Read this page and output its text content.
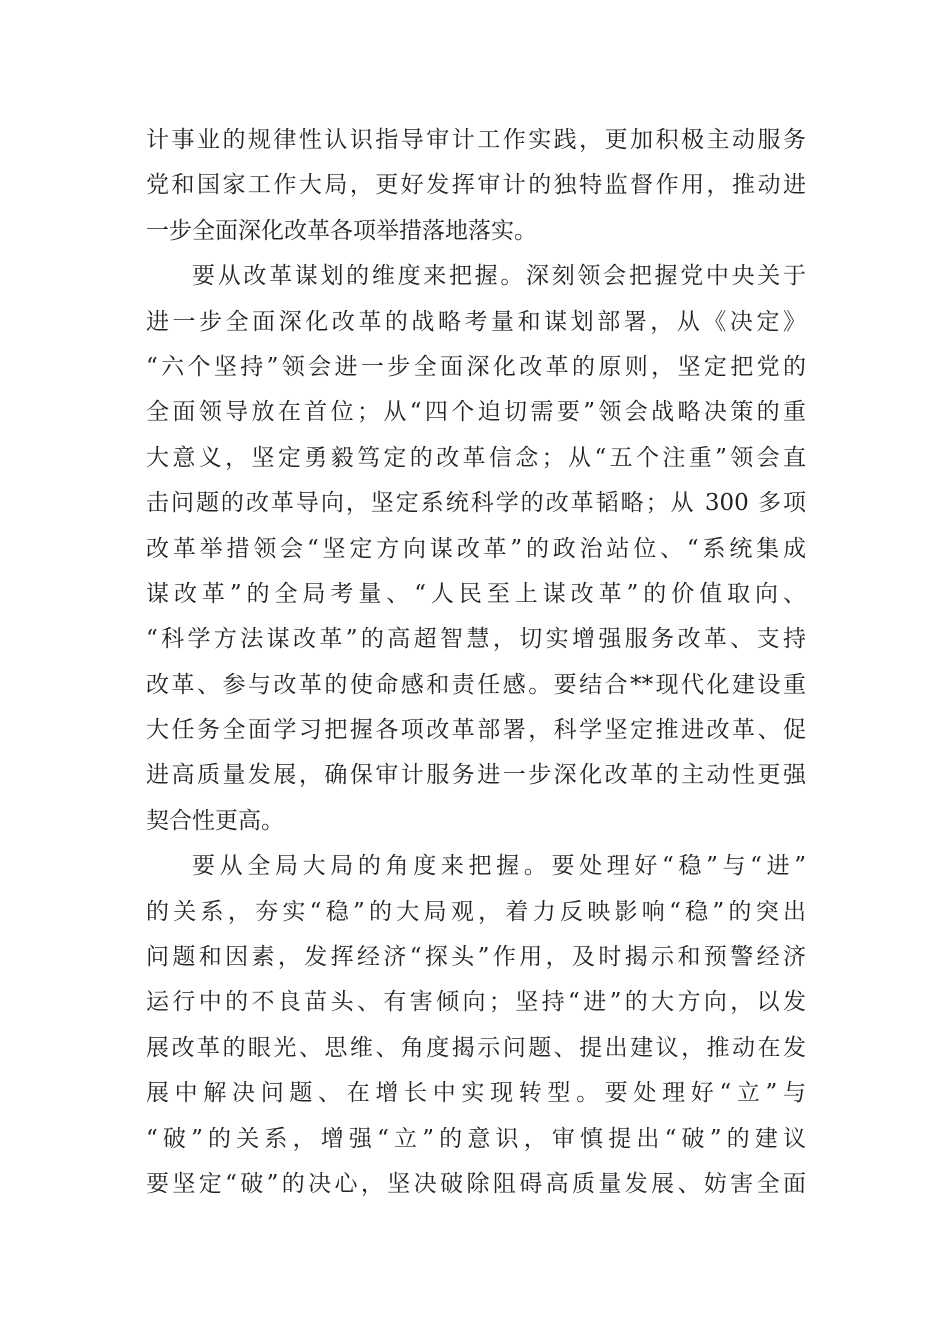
计事业的规律性认识指导审计工作实践，更加积极主动服务
党和国家工作大局，更好发挥审计的独特监督作用，推动进
一步全面深化改革各项举措落地落实。
要从改革谋划的维度来把握。深刻领会把握党中央关于
进一步全面深化改革的战略考量和谋划部署，从《决定》
“六个坚持”领会进一步全面深化改革的原则，坚定把党的
全面领导放在首位；从“四个迫切需要”领会战略决策的重
大意义，坚定勇毅笃定的改革信念；从“五个注重”领会直
击问题的改革导向，坚定系统科学的改革韬略；从 300 多项
改革举措领会“坚定方向谋改革”的政治站位、“系统集成
谋改革”的全局考量、“人民至上谋改革”的价值取向、
“科学方法谋改革”的高超智慧，切实增强服务改革、支持
改革、参与改革的使命感和责任感。要结合**现代化建设重
大任务全面学习把握各项改革部署，科学坚定推进改革、促
进高质量发展，确保审计服务进一步深化改革的主动性更强
契合性更高。
要从全局大局的角度来把握。要处理好“稳”与“进”
的关系，夯实“稳”的大局观，着力反映影响“稳”的突出
问题和因素，发挥经济“探头”作用，及时揭示和预警经济
运行中的不良苗头、有害倾向；坚持“进”的大方向，以发
展改革的眼光、思维、角度揭示问题、提出建议，推动在发
展中解决问题、在增长中实现转型。要处理好“立”与
“破”的关系，增强“立”的意识，审慎提出“破”的建议
要坚定“破”的决心，坚决破除阻碍高质量发展、妨害全面
